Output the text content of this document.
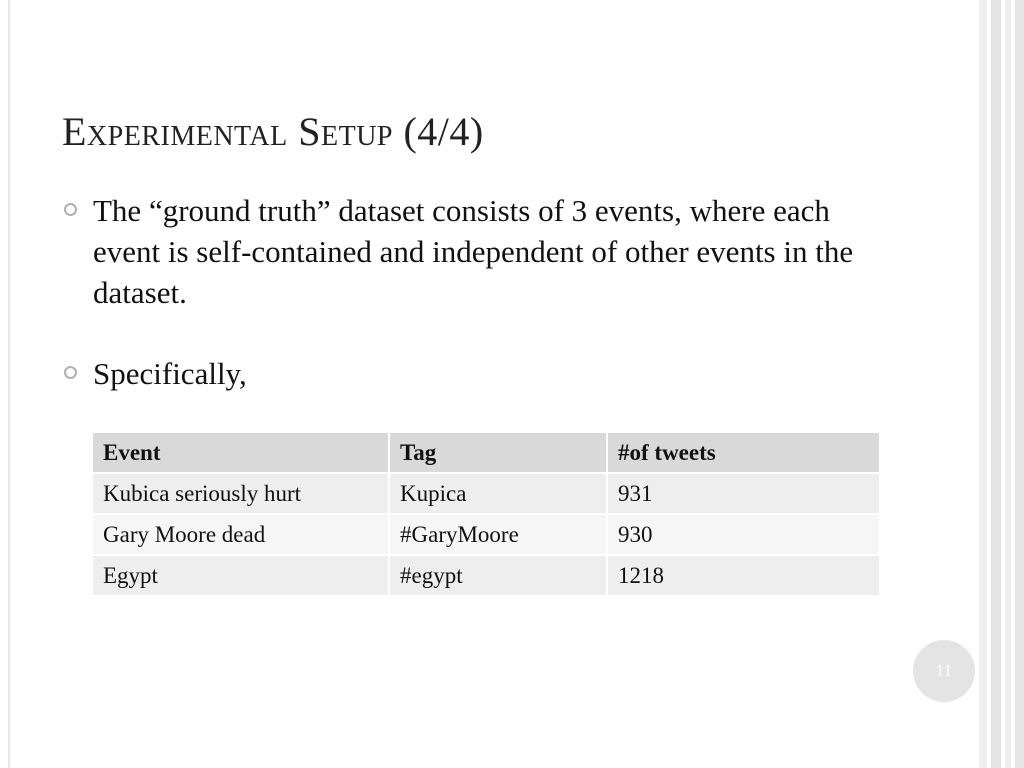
Experimental Setup (4/4)
The “ground truth” dataset consists of 3 events, where each event is self-contained and independent of other events in the dataset.
Specifically,
Event	Tag	#of tweets
Kubica seriously hurt	Kupica	931
Gary Moore dead	#GaryMoore	930
Egypt	#egypt	1218
11
